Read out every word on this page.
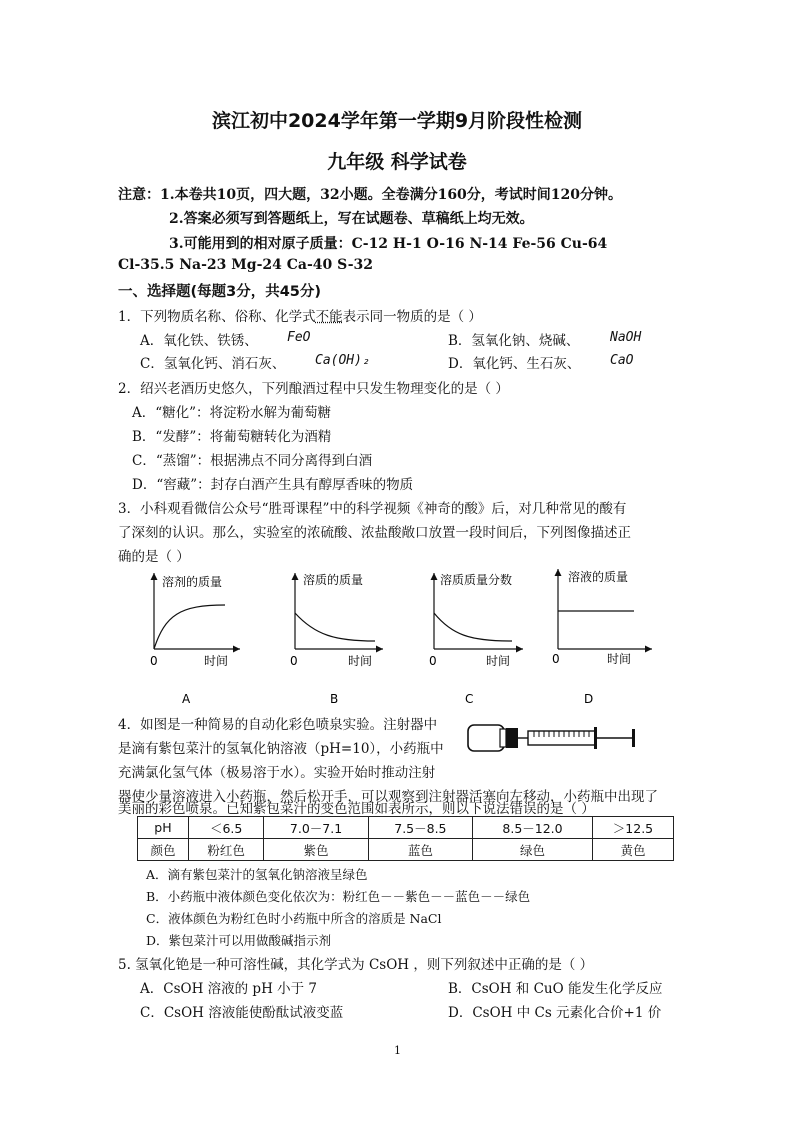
滨江初中2024学年第一学期9月阶段性检测
九年级 科学试卷
注意：1.本卷共10页，四大题，32小题。全卷满分160分，考试时间120分钟。
2.答案必须写到答题纸上，写在试题卷、草稿纸上均无效。
3.可能用到的相对原子质量：C-12 H-1 O-16 N-14 Fe-56 Cu-64
Cl-35.5 Na-23 Mg-24 Ca-40 S-32
一、选择题(每题3分，共45分)
1．下列物质名称、俗称、化学式不能表示同一物质的是（ ）
A．氧化铁、铁锈、 FeO	B．氢氧化钠、烧碱、 NaOH
C．氢氧化钙、消石灰、 Ca(OH)₂	D．氧化钙、生石灰、 CaO
2．绍兴老酒历史悠久，下列酿酒过程中只发生物理变化的是（ ）
A．“糖化”：将淀粉水解为葡萄糖
B．“发酵”：将葡萄糖转化为酒精
C．“蒸馏”：根据沸点不同分离得到白酒
D．“窖藏”：封存白酒产生具有醇厚香味的物质
3．小科观看微信公众号“胜哥课程”中的科学视频《神奇的酸》后，对几种常见的酸有
了深刻的认识。那么，实验室的浓硫酸、浓盐酸敞口放置一段时间后，下列图像描述正
确的是（ ）
溶剂的质量
0	时间
A
溶质的质量
0	时间
B
溶质质量分数
0	时间
C
溶液的质量
0	时间
D
4．如图是一种简易的自动化彩色喷泉实验。注射器中
是滴有紫包菜汁的氢氧化钠溶液（pH=10），小药瓶中
充满氯化氢气体（极易溶于水）。实验开始时推动注射
器使少量溶液进入小药瓶，然后松开手，可以观察到注射器活塞向左移动，小药瓶中出现了
美丽的彩色喷泉。已知紫包菜汁的变色范围如表所示，则以下说法错误的是（ ）
pH	＜6.5	7.0－7.1	7.5－8.5	8.5－12.0	＞12.5
颜色	粉红色	紫色	蓝色	绿色	黄色
A．滴有紫包菜汁的氢氧化钠溶液呈绿色
B．小药瓶中液体颜色变化依次为：粉红色－－紫色－－蓝色－－绿色
C．液体颜色为粉红色时小药瓶中所含的溶质是 NaCl
D．紫包菜汁可以用做酸碱指示剂
5. 氢氧化铯是一种可溶性碱，其化学式为 CsOH ，则下列叙述中正确的是（ ）
A．CsOH 溶液的 pH 小于 7	B．CsOH 和 CuO 能发生化学反应
C．CsOH 溶液能使酚酞试液变蓝	D．CsOH 中 Cs 元素化合价+1 价
1
